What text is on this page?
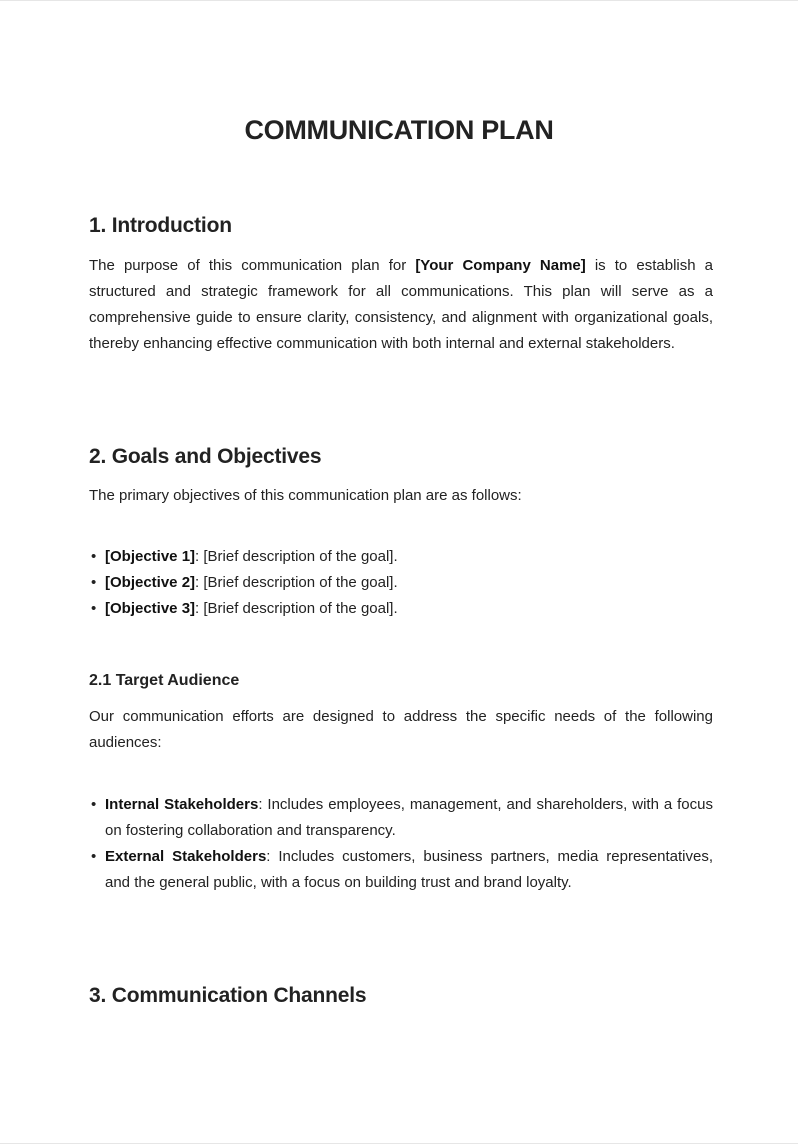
COMMUNICATION PLAN
1. Introduction

The purpose of this communication plan for [Your Company Name] is to establish a structured and strategic framework for all communications. This plan will serve as a comprehensive guide to ensure clarity, consistency, and alignment with organizational goals, thereby enhancing effective communication with both internal and external stakeholders.

2. Goals and Objectives

The primary objectives of this communication plan are as follows:

• [Objective 1]: [Brief description of the goal].
• [Objective 2]: [Brief description of the goal].
• [Objective 3]: [Brief description of the goal].
2.1 Target Audience

Our communication efforts are designed to address the specific needs of the following audiences:

• Internal Stakeholders: Includes employees, management, and shareholders, with a focus on fostering collaboration and transparency.
• External Stakeholders: Includes customers, business partners, media representatives, and the general public, with a focus on building trust and brand loyalty.
3. Communication Channels
